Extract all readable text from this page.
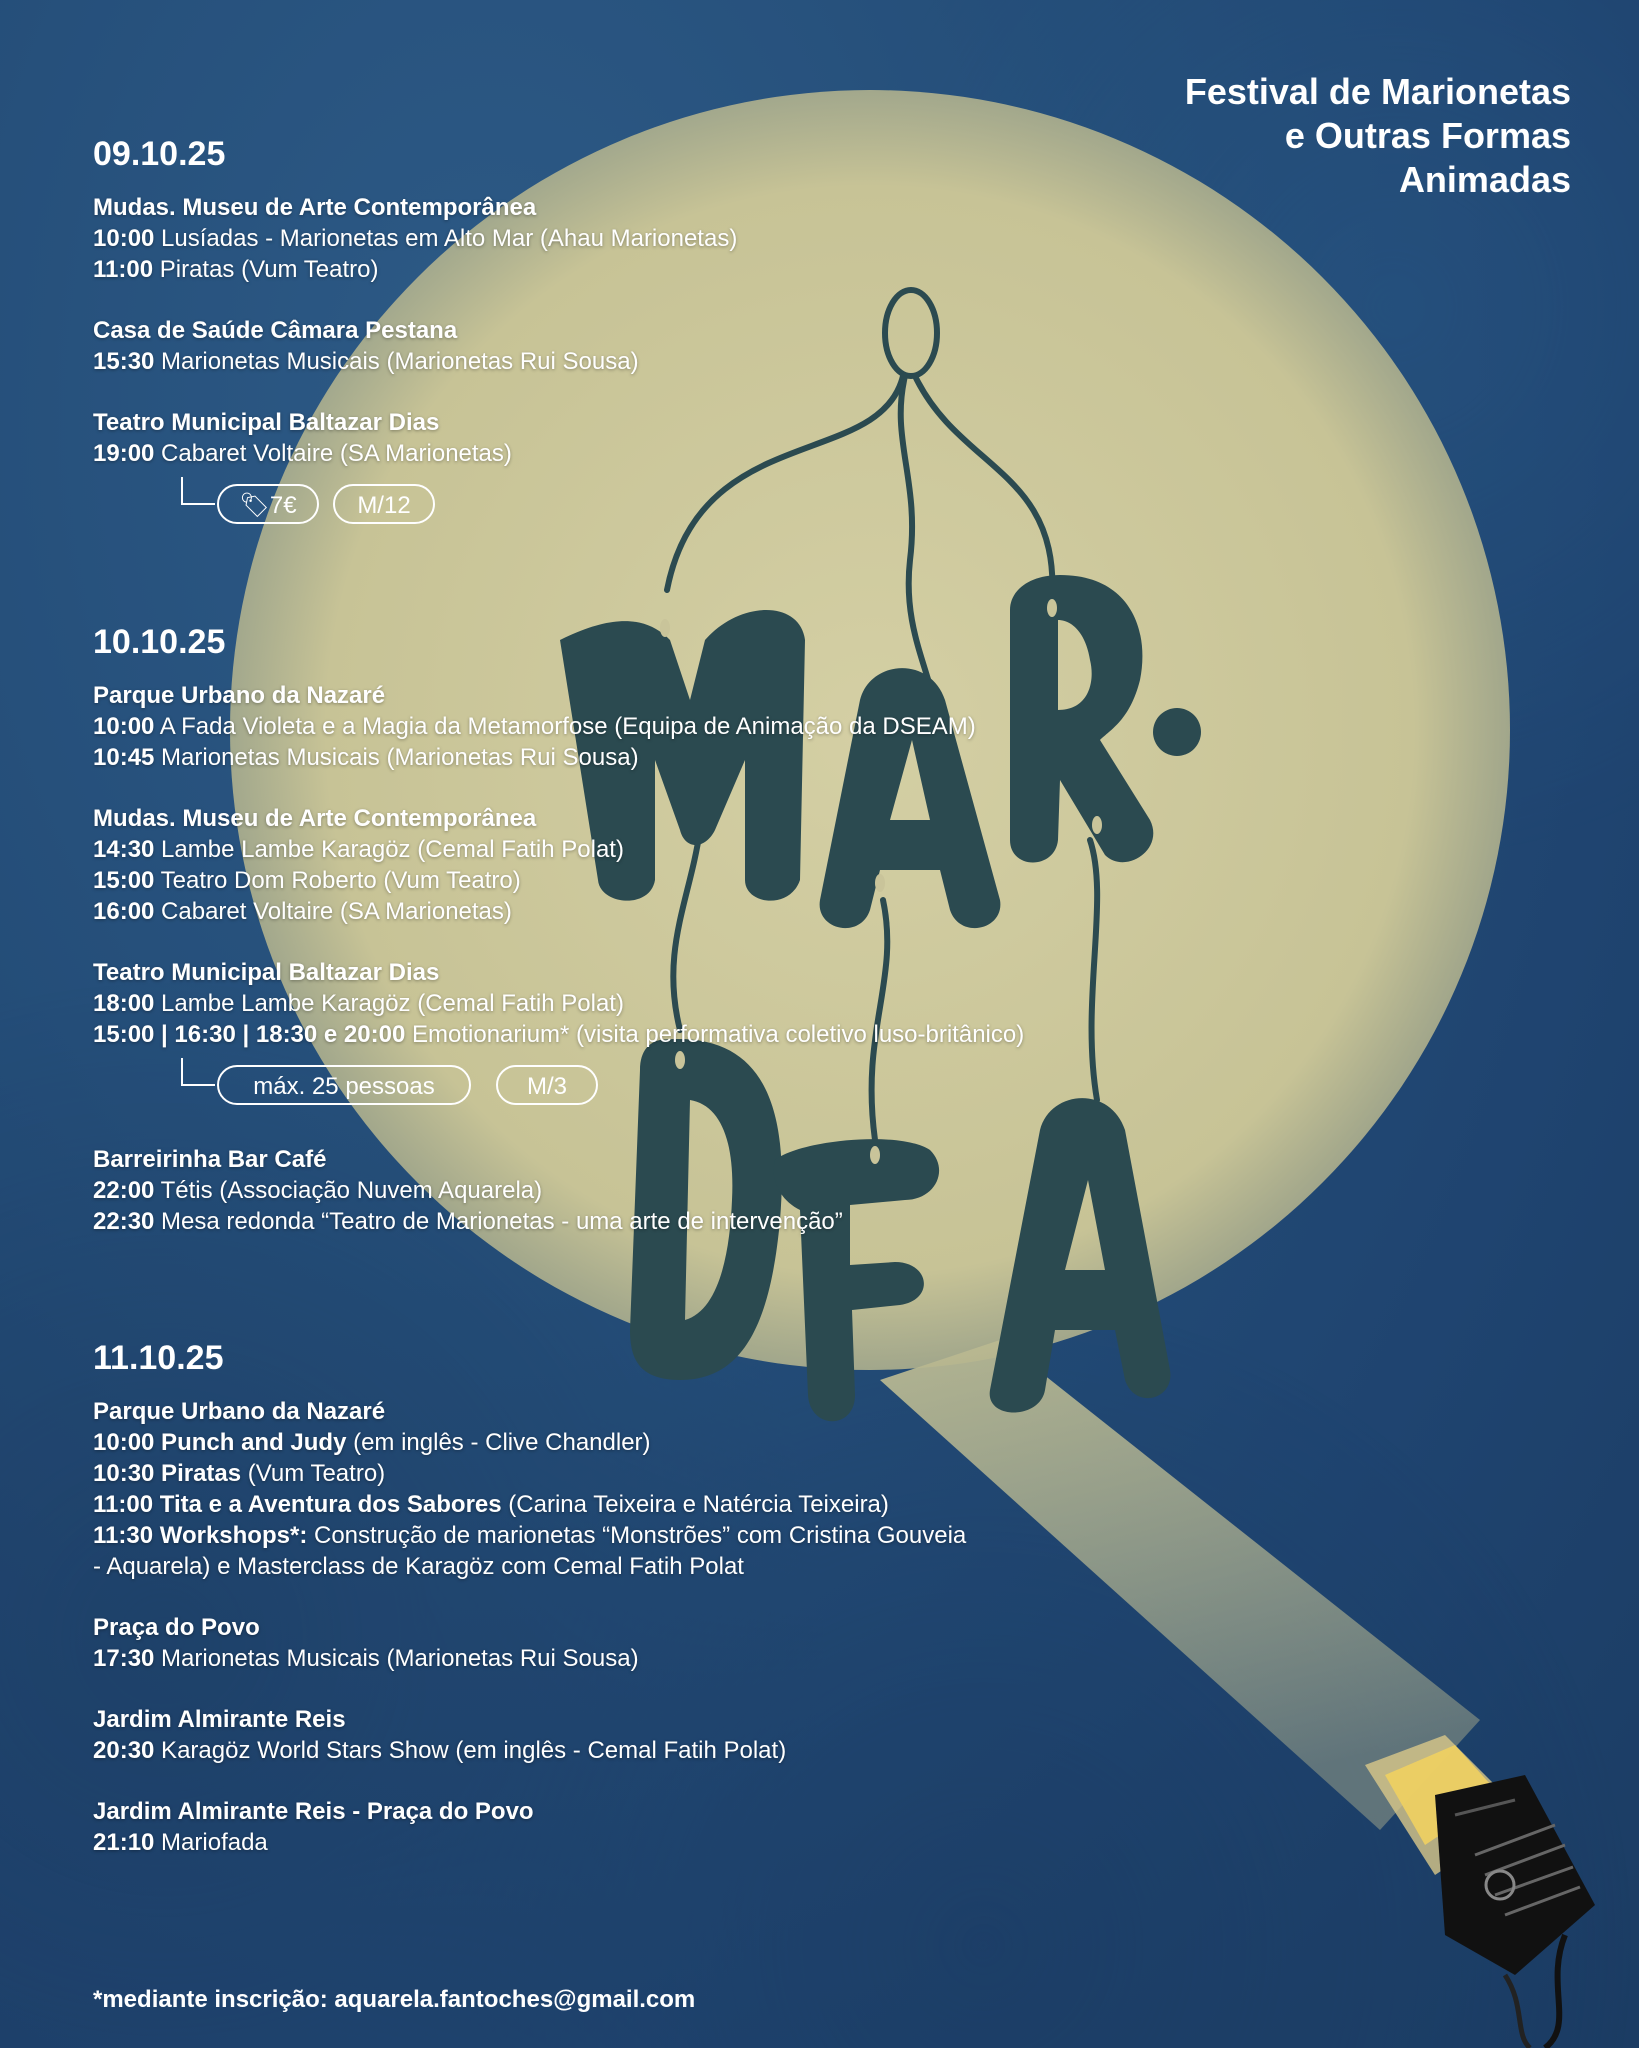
Festival de Marionetas
e Outras Formas
Animadas
09.10.25
Mudas. Museu de Arte Contemporânea
10:00 Lusíadas - Marionetas em Alto Mar (Ahau Marionetas)
11:00 Piratas (Vum Teatro)
Casa de Saúde Câmara Pestana
15:30 Marionetas Musicais (Marionetas Rui Sousa)
Teatro Municipal Baltazar Dias
19:00 Cabaret Voltaire (SA Marionetas)
🏷7€	M/12
10.10.25
Parque Urbano da Nazaré
10:00 A Fada Violeta e a Magia da Metamorfose (Equipa de Animação da DSEAM)
10:45 Marionetas Musicais (Marionetas Rui Sousa)
Mudas. Museu de Arte Contemporânea
14:30 Lambe Lambe Karagöz (Cemal Fatih Polat)
15:00 Teatro Dom Roberto (Vum Teatro)
16:00 Cabaret Voltaire (SA Marionetas)
Teatro Municipal Baltazar Dias
18:00 Lambe Lambe Karagöz (Cemal Fatih Polat)
15:00 | 16:30 | 18:30 e 20:00 Emotionarium* (visita performativa coletivo luso-britânico)
máx. 25 pessoas	M/3
Barreirinha Bar Café
22:00 Tétis (Associação Nuvem Aquarela)
22:30 Mesa redonda “Teatro de Marionetas - uma arte de intervenção”
11.10.25
Parque Urbano da Nazaré
10:00 Punch and Judy (em inglês - Clive Chandler)
10:30 Piratas (Vum Teatro)
11:00 Tita e a Aventura dos Sabores (Carina Teixeira e Natércia Teixeira)
11:30 Workshops*: Construção de marionetas “Monstrões” com Cristina Gouveia
- Aquarela) e Masterclass de Karagöz com Cemal Fatih Polat
Praça do Povo
17:30 Marionetas Musicais (Marionetas Rui Sousa)
Jardim Almirante Reis
20:30 Karagöz World Stars Show (em inglês - Cemal Fatih Polat)
Jardim Almirante Reis - Praça do Povo
21:10 Mariofada
*mediante inscrição: aquarela.fantoches@gmail.com
